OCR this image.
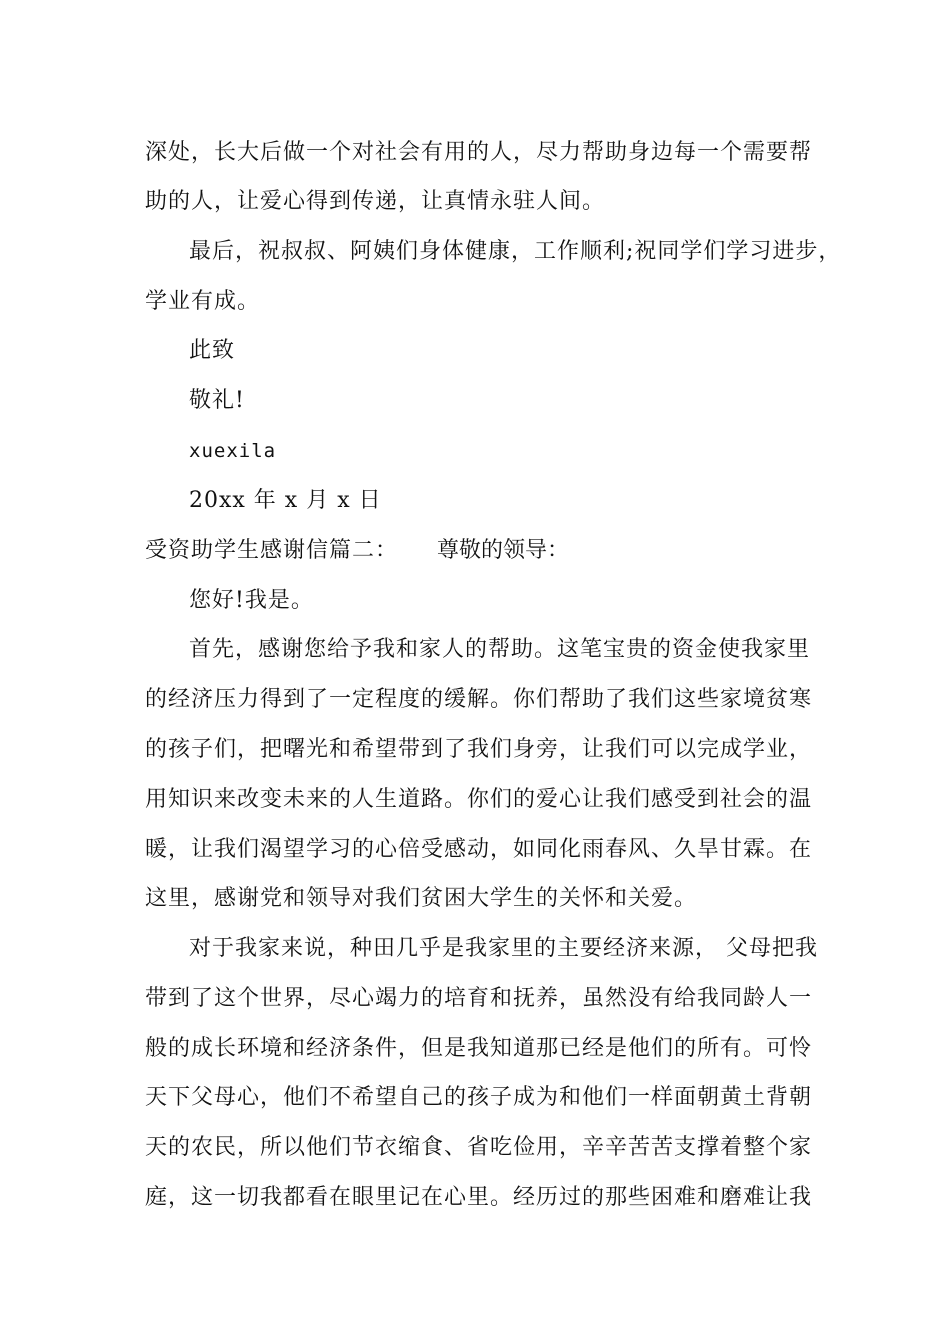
深处，长大后做一个对社会有用的人，尽力帮助身边每一个需要帮
助的人，让爱心得到传递，让真情永驻人间。
最后，祝叔叔、阿姨们身体健康，工作顺利;祝同学们学习进步，
学业有成。
此致
敬礼!
xuexila
20xx 年 x 月 x 日
受资助学生感谢信篇二： 尊敬的领导：
您好!我是。
首先，感谢您给予我和家人的帮助。这笔宝贵的资金使我家里
的经济压力得到了一定程度的缓解。你们帮助了我们这些家境贫寒
的孩子们，把曙光和希望带到了我们身旁，让我们可以完成学业，
用知识来改变未来的人生道路。你们的爱心让我们感受到社会的温
暖，让我们渴望学习的心倍受感动，如同化雨春风、久旱甘霖。在
这里，感谢党和领导对我们贫困大学生的关怀和关爱。
对于我家来说，种田几乎是我家里的主要经济来源， 父母把我
带到了这个世界，尽心竭力的培育和抚养，虽然没有给我同龄人一
般的成长环境和经济条件，但是我知道那已经是他们的所有。可怜
天下父母心，他们不希望自己的孩子成为和他们一样面朝黄土背朝
天的农民，所以他们节衣缩食、省吃俭用，辛辛苦苦支撑着整个家
庭，这一切我都看在眼里记在心里。经历过的那些困难和磨难让我
